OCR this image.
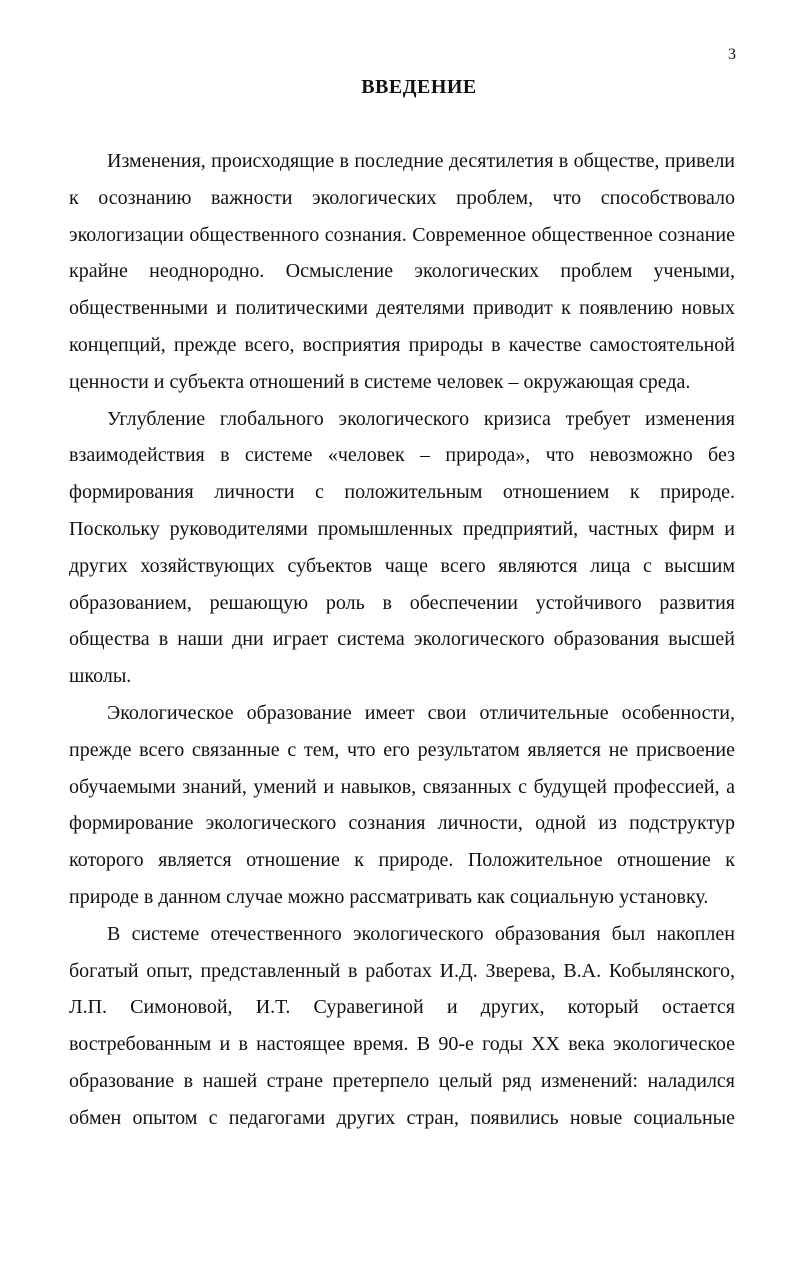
3
ВВЕДЕНИЕ

Изменения, происходящие в последние десятилетия в обществе, привели к осознанию важности экологических проблем, что способствовало экологизации общественного сознания. Современное общественное сознание крайне неоднородно. Осмысление экологических проблем учеными, общественными и политическими деятелями приводит к появлению новых концепций, прежде всего, восприятия природы в качестве самостоятельной ценности и субъекта отношений в системе человек – окружающая среда.

Углубление глобального экологического кризиса требует изменения взаимодействия в системе «человек – природа», что невозможно без формирования личности с положительным отношением к природе. Поскольку руководителями промышленных предприятий, частных фирм и других хозяйствующих субъектов чаще всего являются лица с высшим образованием, решающую роль в обеспечении устойчивого развития общества в наши дни играет система экологического образования высшей школы.

Экологическое образование имеет свои отличительные особенности, прежде всего связанные с тем, что его результатом является не присвоение обучаемыми знаний, умений и навыков, связанных с будущей профессией, а формирование экологического сознания личности, одной из подструктур которого является отношение к природе. Положительное отношение к природе в данном случае можно рассматривать как социальную установку.

В системе отечественного экологического образования был накоплен богатый опыт, представленный в работах И.Д. Зверева, В.А. Кобылянского, Л.П. Симоновой, И.Т. Суравегиной и других, который остается востребованным и в настоящее время. В 90-е годы XX века экологическое образование в нашей стране претерпело целый ряд изменений: наладился обмен опытом с педагогами других стран, появились новые социальные
